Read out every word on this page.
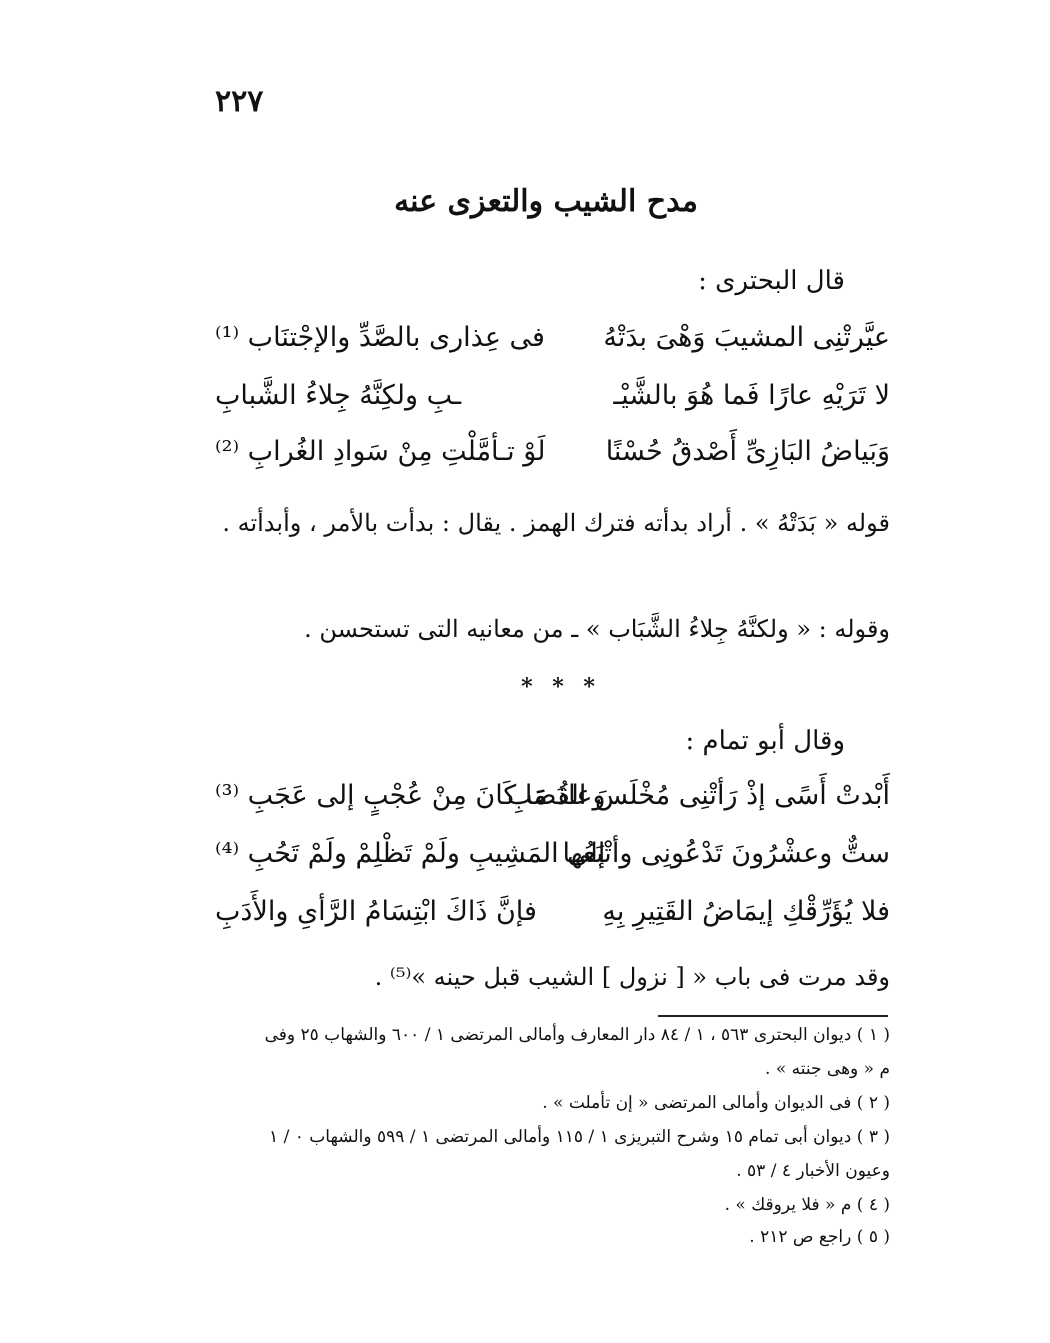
٢٢٧
مدح الشيب والتعزى عنه
قال البحترى :
عيَّرتْنِى المشيبَ وَهْىَ بدَتْهُ
فى عِذارى بالصَّدِّ والإجْتنَاب ⁽¹⁾
لا تَرَيْهِ عارًا فَما هُوَ بالشَّيْـ
ـبِ ولكِنَّهُ جِلاءُ الشَّبابِ
وَبَياضُ البَازِىِّ أَصْدقُ حُسْنًا
لَوْ تـأمَّلْتِ مِنْ سَوادِ الغُرابِ ⁽²⁾
قوله « بَدَتْهُ » . أراد بدأته فترك الهمز . يقال : بدأت بالأمر ، وأبدأته .
وقوله : « ولكنَّهُ جِلاءُ الشَّبَاب » ـ من معانيه التى تستحسن .
* * *
وقال أبو تمام :
أَبْدتْ أَسًى إذْ رَأتْنِى مُخْلَسَ القُصَبِ
وعادَ مَا كَانَ مِنْ عُجْبٍ إلى عَجَبِ ⁽³⁾
ستٌّ وعشْرُونَ تَدْعُونِى وأتْبَعُها
إلى المَشِيبِ ولَمْ تَظْلِمْ ولَمْ تَحُبِ ⁽⁴⁾
فلا يُؤَرِّقْكِ إيمَاضُ القَتِيرِ بِهِ
فإنَّ ذَاكَ ابْتِسَامُ الرَّأىِ والأَدَبِ
وقد مرت فى باب « [ نزول ] الشيب قبل حينه »⁽⁵⁾ .
( ١ ) ديوان البحترى ٥٦٣ ، ١ / ٨٤ دار المعارف وأمالى المرتضى ١ / ٦٠٠ والشهاب ٢٥ وفى
م « وهى جنته » .
( ٢ ) فى الديوان وأمالى المرتضى « إن تأملت » .
( ٣ ) ديوان أبى تمام ١٥ وشرح التبريزى ١ / ١١٥ وأمالى المرتضى ١ / ٥٩٩ والشهاب ٠ / ١
وعيون الأخبار ٤ / ٥٣ .
( ٤ ) م « فلا يروقك » .
( ٥ ) راجع ص ٢١٢ .
